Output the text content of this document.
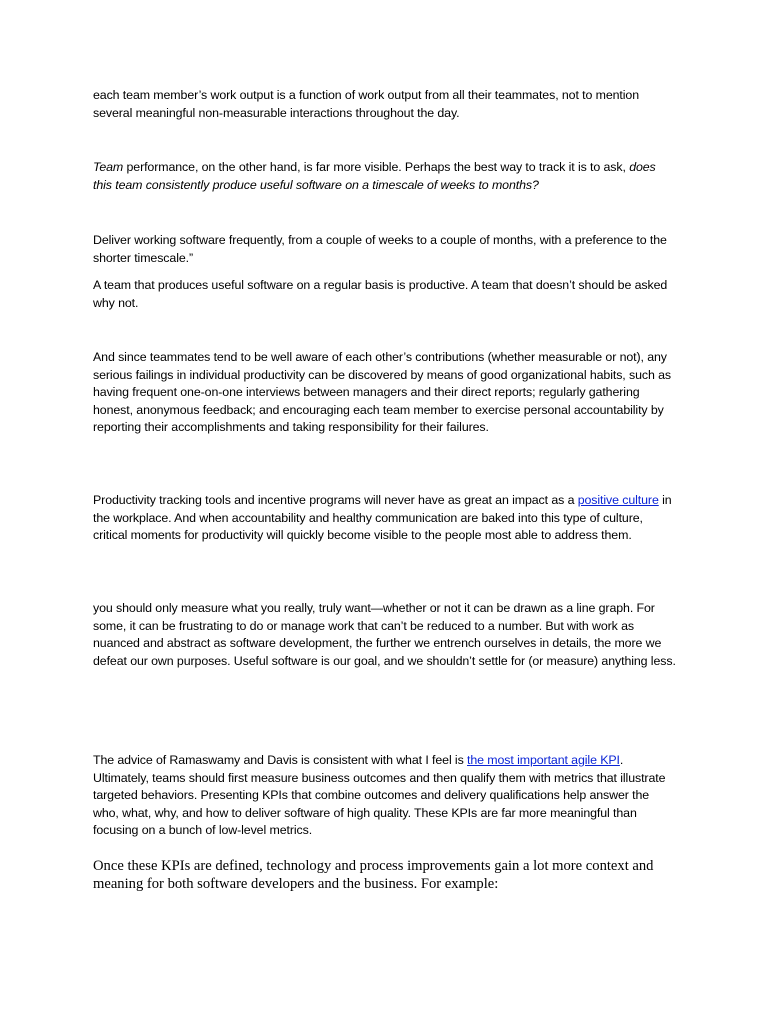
each team member’s work output is a function of work output from all their teammates, not to mention several meaningful non-measurable interactions throughout the day.

Team performance, on the other hand, is far more visible. Perhaps the best way to track it is to ask, does this team consistently produce useful software on a timescale of weeks to months?

Deliver working software frequently, from a couple of weeks to a couple of months, with a preference to the shorter timescale.”

A team that produces useful software on a regular basis is productive. A team that doesn’t should be asked why not.

And since teammates tend to be well aware of each other’s contributions (whether measurable or not), any serious failings in individual productivity can be discovered by means of good organizational habits, such as having frequent one-on-one interviews between managers and their direct reports; regularly gathering honest, anonymous feedback; and encouraging each team member to exercise personal accountability by reporting their accomplishments and taking responsibility for their failures.

Productivity tracking tools and incentive programs will never have as great an impact as a positive culture in the workplace. And when accountability and healthy communication are baked into this type of culture, critical moments for productivity will quickly become visible to the people most able to address them.

you should only measure what you really, truly want—whether or not it can be drawn as a line graph. For some, it can be frustrating to do or manage work that can’t be reduced to a number. But with work as nuanced and abstract as software development, the further we entrench ourselves in details, the more we defeat our own purposes. Useful software is our goal, and we shouldn’t settle for (or measure) anything less.

The advice of Ramaswamy and Davis is consistent with what I feel is the most important agile KPI. Ultimately, teams should first measure business outcomes and then qualify them with metrics that illustrate targeted behaviors. Presenting KPIs that combine outcomes and delivery qualifications help answer the who, what, why, and how to deliver software of high quality. These KPIs are far more meaningful than focusing on a bunch of low-level metrics.

Once these KPIs are defined, technology and process improvements gain a lot more context and meaning for both software developers and the business. For example:
